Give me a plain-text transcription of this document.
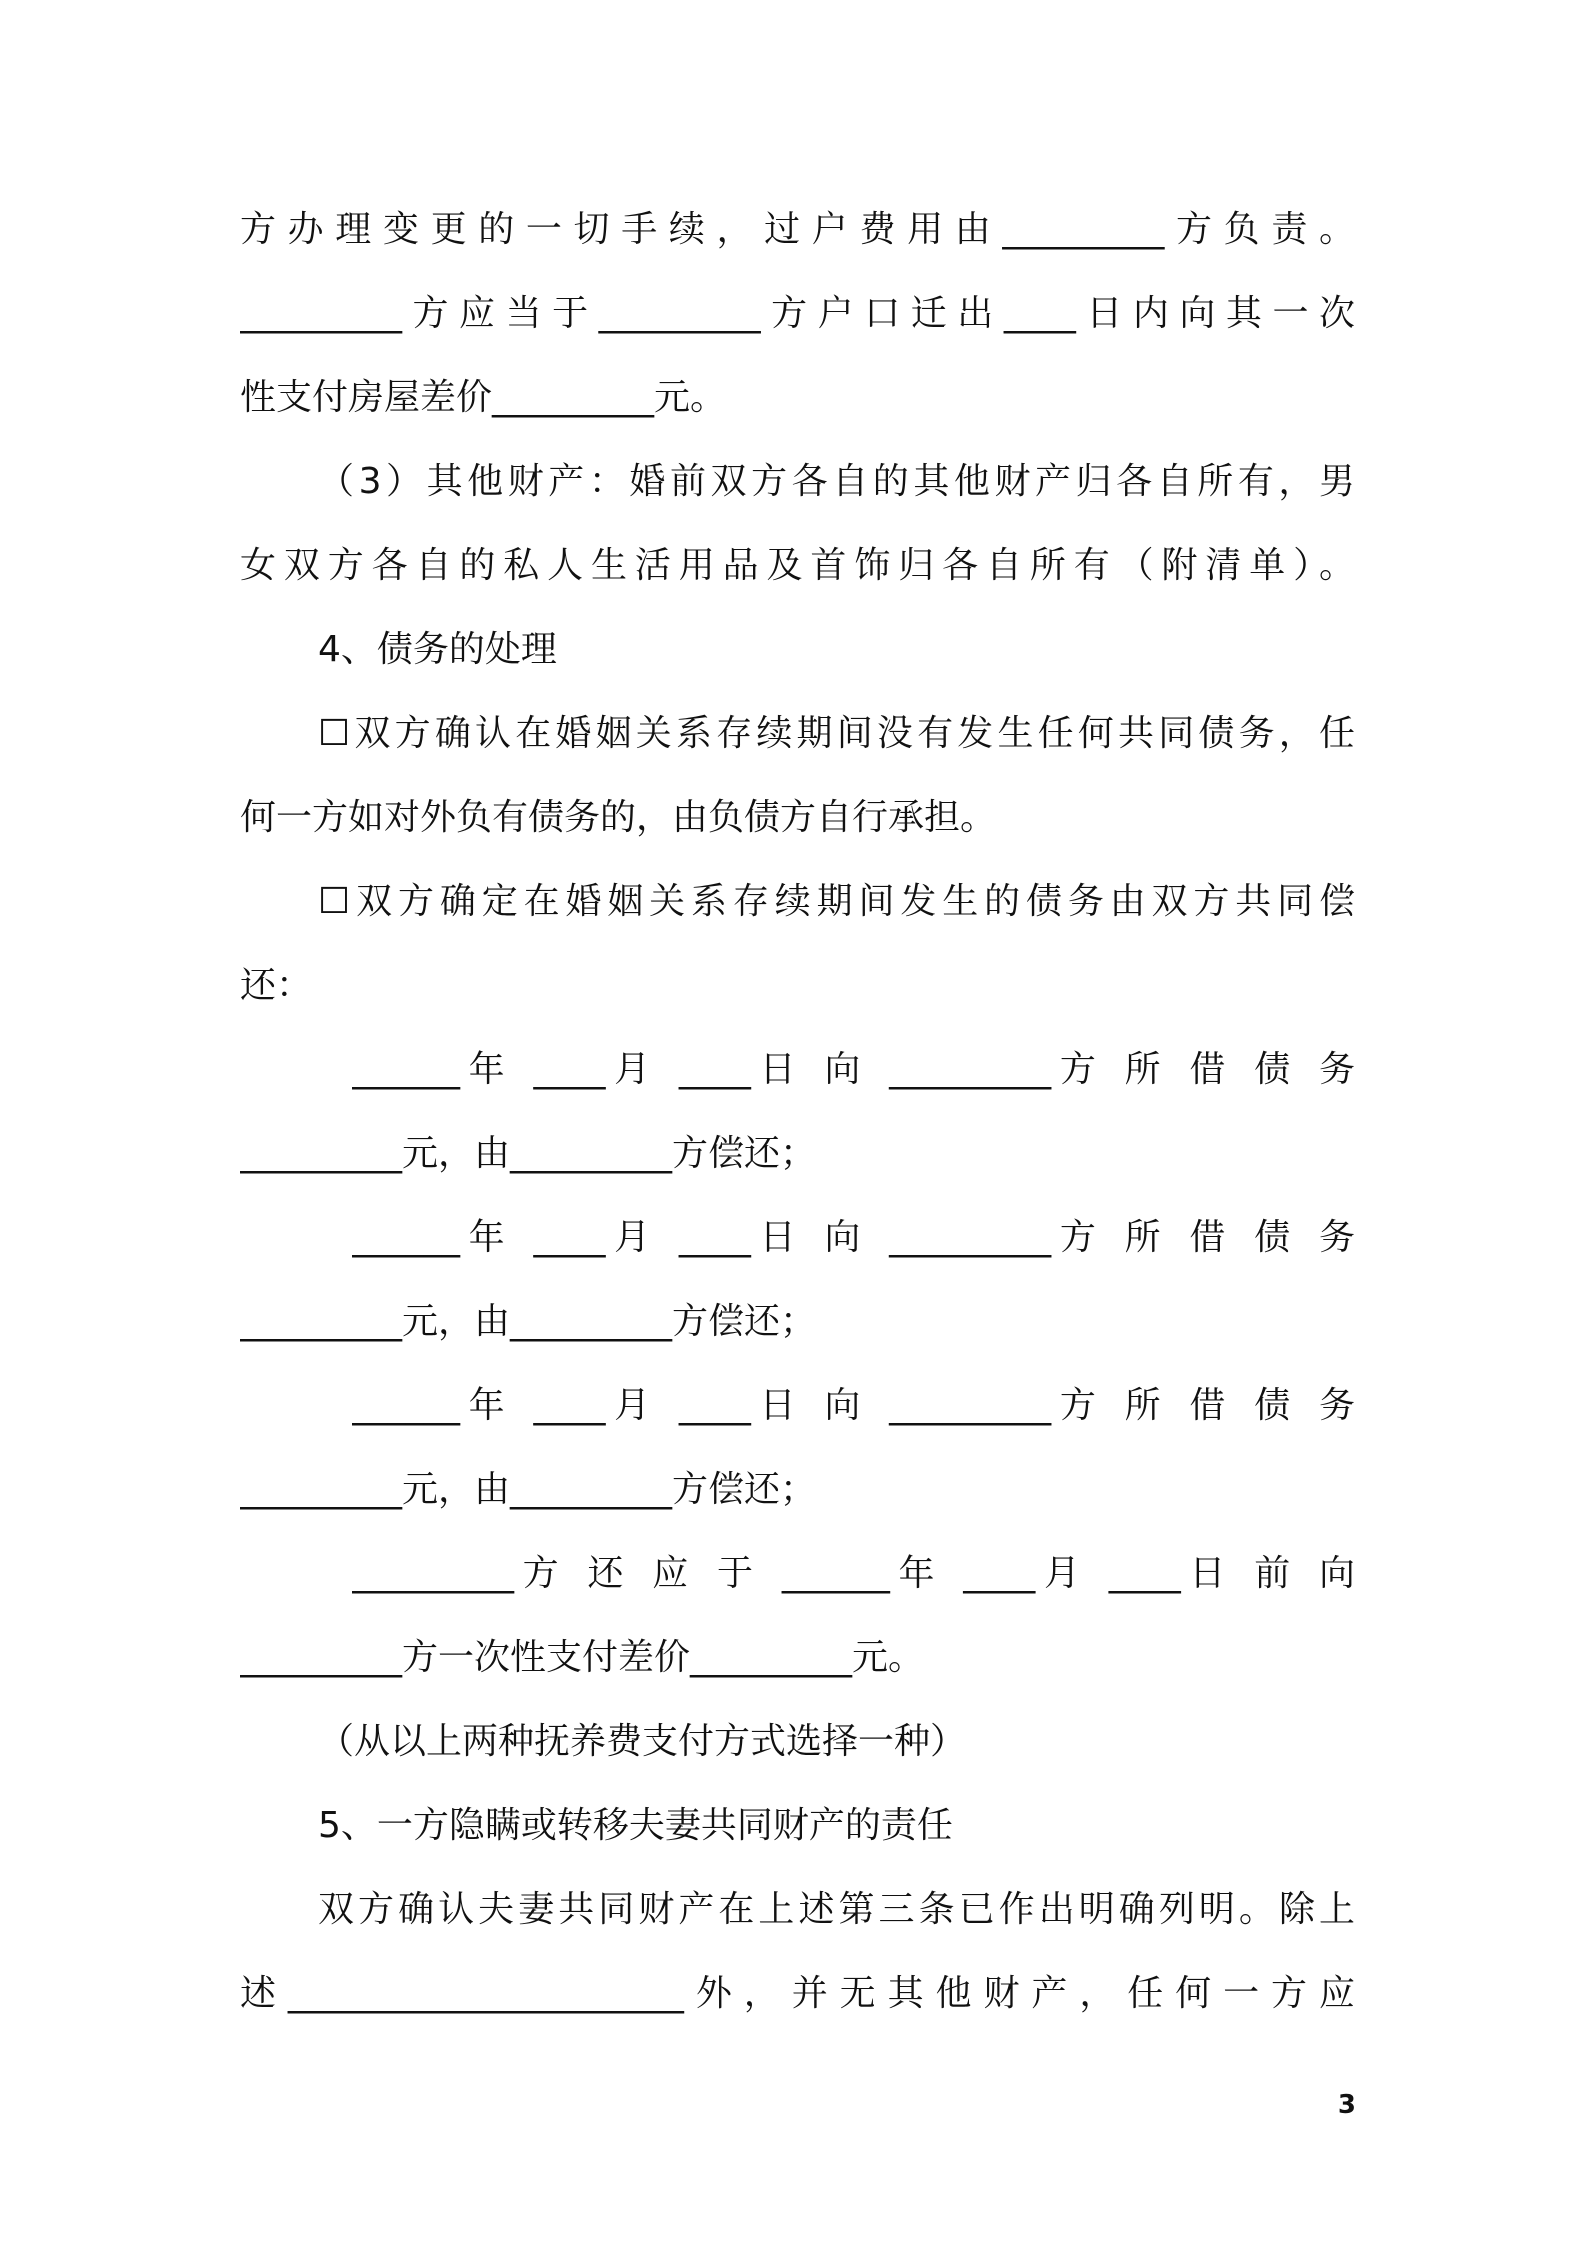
方办理变更的一切手续，过户费用由_________方负责。
_________方应当于_________方户口迁出____日内向其一次
性支付房屋差价_________元。
（3）其他财产：婚前双方各自的其他财产归各自所有，男
女双方各自的私人生活用品及首饰归各自所有（附清单）。
4、债务的处理
☐双方确认在婚姻关系存续期间没有发生任何共同债务，任
何一方如对外负有债务的，由负债方自行承担。
☐双方确定在婚姻关系存续期间发生的债务由双方共同偿
还：
______年 ____月 ____日 向 _________方 所 借 债 务
_________元，由_________方偿还；
______年 ____月 ____日 向 _________方 所 借 债 务
_________元，由_________方偿还；
______年 ____月 ____日 向 _________方 所 借 债 务
_________元，由_________方偿还；
_________方 还 应 于 ______年 ____月 ____日 前 向
_________方一次性支付差价_________元。
（从以上两种抚养费支付方式选择一种）
5、一方隐瞒或转移夫妻共同财产的责任
双方确认夫妻共同财产在上述第三条已作出明确列明。除上
述______________________外，并无其他财产，任何一方应
3
